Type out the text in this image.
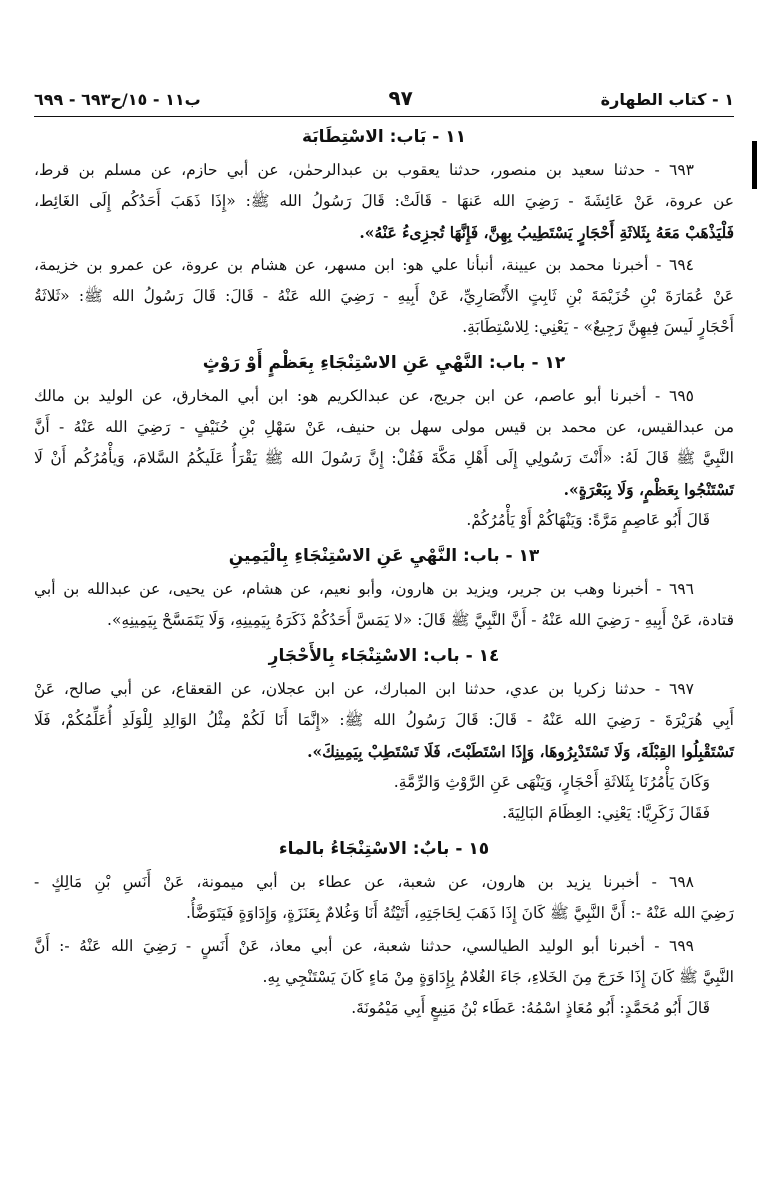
١ - كتاب الطهارة
٩٧
ب١١ - ١٥/ح٦٩٣ - ٦٩٩
١١ - بَاب: الاسْتِطَابَة
٦٩٣ - حدثنا سعيد بن منصور، حدثنا يعقوب بن عبدالرحمٰن، عن أبي حازم، عن مسلم بن قرط،
عن عروة، عَنْ عَائِشَةَ - رَضِيَ الله عَنهَا - قَالَتْ: قَالَ رَسُولُ الله ﷺ: «إِذَا ذَهَبَ أَحَدُكُم إِلَى الغَائِط،
فَلْيَذْهَبْ مَعَهُ بِثَلاثَةِ أَحْجَارٍ يَسْتَطِيبُ بِهِنَّ، فَإِنَّهَا تُجزِىءُ عَنْهُ».
٦٩٤ - أخبرنا محمد بن عيينة، أنبأنا علي هو: ابن مسهر، عن هشام بن عروة، عن عمرو بن خزيمة،
عَنْ عُمَارَةَ بْنِ خُزَيْمَةَ بْنِ ثَابِتٍ الأَنْصَارِيِّ، عَنْ أَبِيهِ - رَضِيَ الله عَنْهُ - قَالَ: قَالَ رَسُولُ الله ﷺ: «ثَلاثَةُ
أَحْجَارٍ لَيسَ فِيهِنَّ رَجِيعٌ» - يَعْنِي: لِلاسْتِطَابَةِ.
١٢ - باب: النَّهْيِ عَنِ الاسْتِنْجَاءِ بِعَظْمٍ أَوْ رَوْثٍ
٦٩٥ - أخبرنا أبو عاصم، عن ابن جريج، عن عبدالكريم هو: ابن أبي المخارق، عن الوليد بن مالك
من عبدالقيس، عن محمد بن قيس مولى سهل بن حنيف، عَنْ سَهْلِ بْنِ حُنَيْفٍ - رَضِيَ الله عَنْهُ - أَنَّ
النَّبِيَّ ﷺ قَالَ لَهُ: «أَنْتَ رَسُولِي إِلَى أَهْلِ مَكَّةَ فَقُلْ: إِنَّ رَسُولَ الله ﷺ يَقْرَأُ عَلَيكُمُ السَّلامَ، وَيأْمُرُكُم أَنْ لَا
تَسْتَنْجُوا بِعَظْمٍ، وَلَا بِبَعْرَةٍ».
قَالَ أَبُو عَاصِمٍ مَرَّةً: وَيَنْهَاكُمْ أَوْ يَأْمُرُكُمْ.
١٣ - باب: النَّهْيِ عَنِ الاسْتِنْجَاءِ بِالْيَمِينِ
٦٩٦ - أخبرنا وهب بن جرير، ويزيد بن هارون، وأبو نعيم، عن هشام، عن يحيى، عن عبدالله بن أبي
قتادة، عَنْ أَبِيهِ - رَضِيَ الله عَنْهُ - أَنَّ النَّبِيَّ ﷺ قَالَ: «لا يَمَسَّ أَحَدُكُمْ ذَكَرَهُ بِيَمِينِهِ، وَلَا يَتَمَسَّحْ بِيَمِينِهِ».
١٤ - باب: الاسْتِنْجَاء بِالأَحْجَارِ
٦٩٧ - حدثنا زكريا بن عدي، حدثنا ابن المبارك، عن ابن عجلان، عن القعقاع، عن أبي صالح، عَنْ
أَبِي هُرَيْرَةَ - رَضِيَ الله عَنْهُ - قَالَ: قَالَ رَسُولُ الله ﷺ: «إِنَّمَا أَنَا لَكُمْ مِثْلُ الوَالِدِ لِلْوَلَدِ أُعَلِّمُكُمْ، فَلَا
تَسْتَقْبِلُوا القِبْلَةَ، وَلَا تَسْتَدْبِرُوهَا، وَإِذَا اسْتَطَبْتَ، فَلَا تَسْتَطِبْ بِيَمِينِكَ».
وَكَانَ يَأْمُرُنَا بِثَلاثَةِ أَحْجَارٍ، وَيَنْهَى عَنِ الرَّوْثِ وَالرِّمَّةِ.
فَقَالَ زَكَرِيَّا: يَعْنِي: العِظَامَ البَالِيَةَ.
١٥ - بابٌ: الاسْتِنْجَاءُ بالماء
٦٩٨ - أخبرنا يزيد بن هارون، عن شعبة، عن عطاء بن أبي ميمونة، عَنْ أَنَسِ بْنِ مَالِكٍ -
رَضِيَ الله عَنْهُ -: أَنَّ النَّبِيَّ ﷺ كَانَ إِذَا ذَهَبَ لِحَاجَتِهِ، أَتَيْتُهُ أَنَا وَغُلامٌ بِعَنَزَةٍ، وَإِدَاوَةٍ فَيَتَوَضَّأُ.
٦٩٩ - أخبرنا أبو الوليد الطيالسي، حدثنا شعبة، عن أبي معاذ، عَنْ أَنَسٍ - رَضِيَ الله عَنْهُ -: أَنَّ
النَّبِيَّ ﷺ كَانَ إِذَا خَرَجَ مِنَ الخَلاءِ، جَاءَ الغُلامُ بِإِدَاوَةٍ مِنْ مَاءٍ كَانَ يَسْتَنْجِي بِهِ.
قَالَ أَبُو مُحَمَّدٍ: أَبُو مُعَاذٍ اسْمُهُ: عَطَاء بْنُ مَنِيعٍ أَبِي مَيْمُونَةَ.
